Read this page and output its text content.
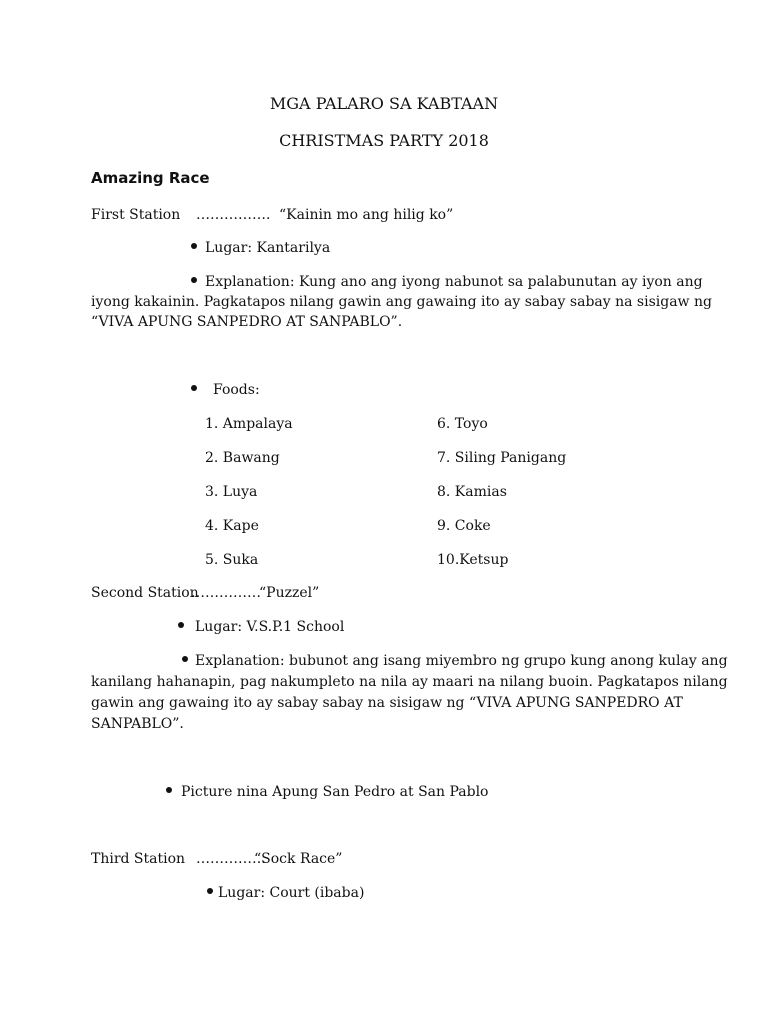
MGA PALARO SA KABTAAN
CHRISTMAS PARTY 2018
Amazing Race
First Station ……………. “Kainin mo ang hilig ko”
Lugar: Kantarilya
Explanation: Kung ano ang iyong nabunot sa palabunutan ay iyon ang
iyong kakainin. Pagkatapos nilang gawin ang gawaing ito ay sabay sabay na sisigaw ng
“VIVA APUNG SANPEDRO AT SANPABLO”.
Foods:
1. Ampalaya
2. Bawang
3. Luya
4. Kape
5. Suka
6. Toyo
7. Siling Panigang
8. Kamias
9. Coke
10.Ketsup
Second Station
……………
“Puzzel”
Lugar: V.S.P.1 School
Explanation: bubunot ang isang miyembro ng grupo kung anong kulay ang
kanilang hahanapin, pag nakumpleto na nila ay maari na nilang buoin. Pagkatapos nilang
gawin ang gawaing ito ay sabay sabay na sisigaw ng “VIVA APUNG SANPEDRO AT
SANPABLO”.
Picture nina Apung San Pedro at San Pablo
Third Station ……………
“Sock Race”
Lugar: Court (ibaba)
